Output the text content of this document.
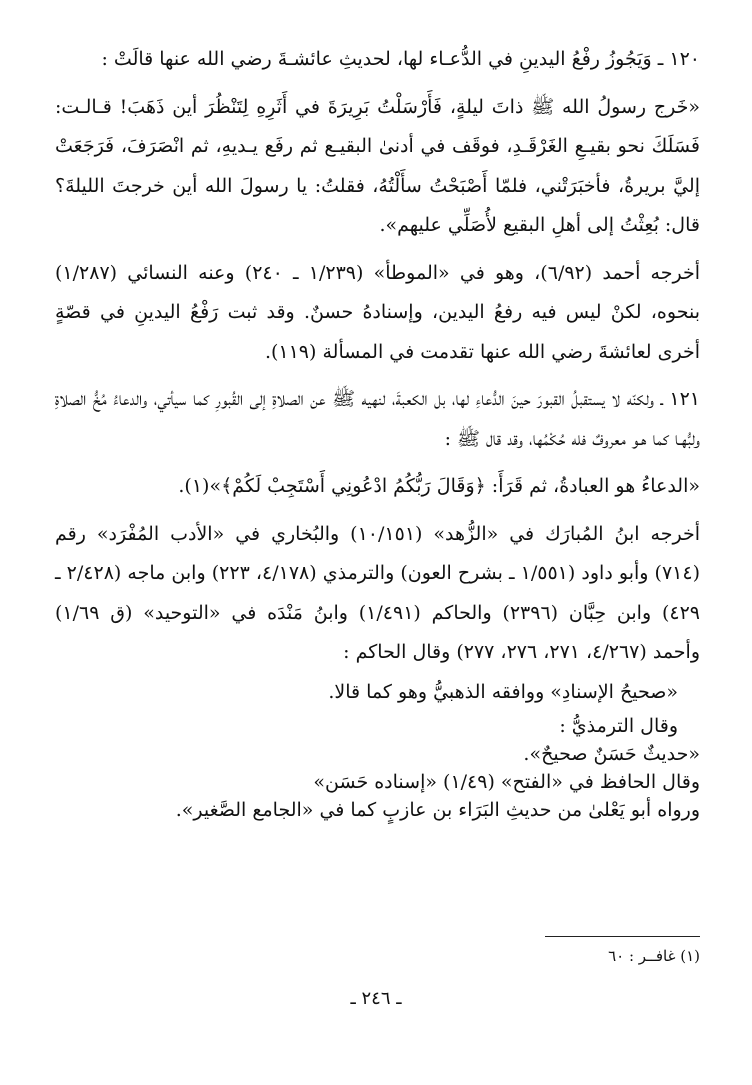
١٢٠ ـ وَيَجُوزُ رفْعُ اليدينِ في الدُّعـاء لها، لحديثِ عائشـةَ رضي الله عنها قالَتْ :

«خَرج رسولُ الله ﷺ ذاتَ ليلةٍ، فَأَرْسَلْتُ بَرِيرَةَ في أَثَرِهِ لِتَنْظُرَ أين ذَهَبَ! قـالـت: فَسَلَكَ نحو بقيـعِ الغَرْقَـدِ، فوقَف في أدنىٰ البقيـع ثم رفَع يـديهِ، ثم انْصَرَفَ، فَرَجَعَتْ إليَّ بريرةُ، فأخبَرَتْني، فلمّا أَصْبَحْتُ سأَلْتُهُ، فقلتُ: يا رسولَ الله أين خرجتَ الليلةَ؟ قال: بُعِثْتُ إلى أهلِ البقيع لأُصَلِّي عليهم».

أخرجه أحمد (٦/٩٢)، وهو في «الموطأ» (١/٢٣٩ ـ ٢٤٠) وعنه النسائي (١/٢٨٧) بنحوه، لكنْ ليس فيه رفعُ اليدين، وإسنادهُ حسنٌ. وقد ثبت رَفْعُ اليدينِ في قصّةٍ أخرى لعائشةَ رضي الله عنها تقدمت في المسألة (١١٩).

١٢١ ـ ولكنّه لا يستقبلُ القبورَ حينَ الدُّعاءِ لها، بل الكعبةَ، لنهيه ﷺ عن الصلاةِ إلى القُبورِ كما سيأتي، والدعاءُ مُخُّ الصلاةِ ولبُّهـا كما هـو معروفٌ فله حُكْمُها، وقد قال ﷺ :

«الدعاءُ هو العبادةُ، ثم قَرَأَ: ﴿وَقَالَ رَبُّكُمُ ادْعُونِي أَسْتَجِبْ لَكُمْ﴾»(١).

أخرجه ابنُ المُبارَك في «الزُّهد» (١٠/١٥١) والبُخاري في «الأدب المُفْرَد» رقم (٧١٤) وأبو داود (١/٥٥١ ـ بشرح العون) والترمذي (٤/١٧٨، ٢٢٣) وابن ماجه (٢/٤٢٨ ـ ٤٢٩) وابن حِبَّان (٢٣٩٦) والحاكم (١/٤٩١) وابنُ مَنْدَه في «التوحيد» (ق ١/٦٩) وأحمد (٤/٢٦٧، ٢٧١، ٢٧٦، ٢٧٧) وقال الحاكم :

«صحيحُ الإسنادِ» ووافقه الذهبيُّ وهو كما قالا.

وقال الترمذيُّ :

«حديثٌ حَسَنٌ صحيحٌ».

وقال الحافظ في «الفتح» (١/٤٩) «إسناده حَسَن»

ورواه أبو يَعْلىٰ من حديثِ البَرَاء بن عازبٍ كما في «الجامع الصَّغير».

(١) غافــر : ٦٠
ـ ٢٤٦ ـ
